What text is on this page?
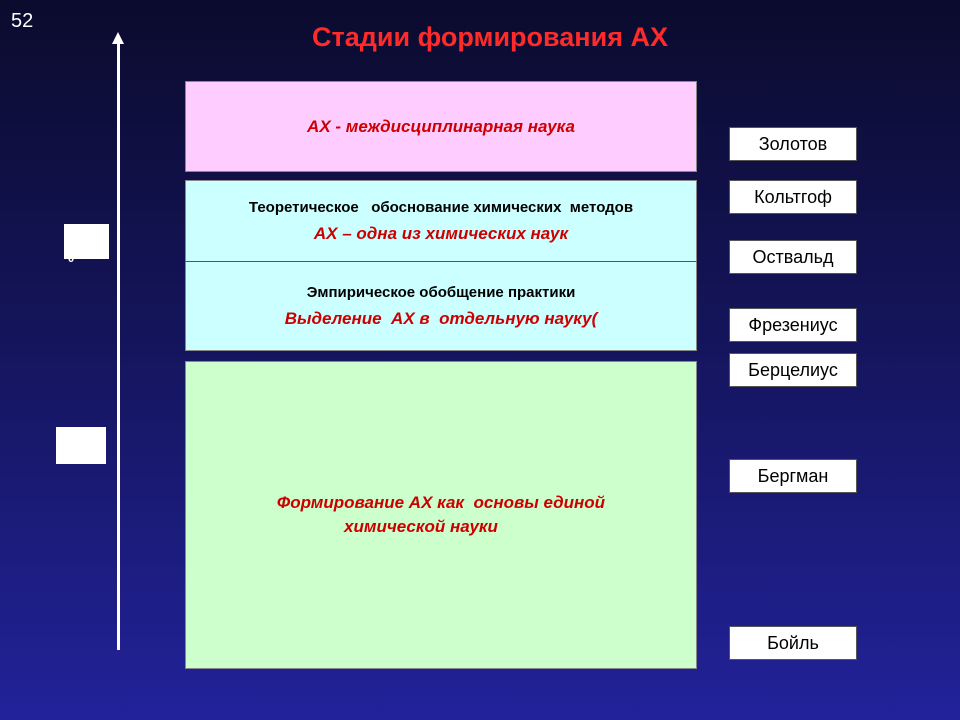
52
Стадии формирования АХ
0
АХ - междисциплинарная наука
Теоретическое   обоснование химических  методов
АХ – одна из химических наук
Эмпирическое обобщение практики
Выделение  АХ в  отдельную науку(
Формирование АХ как  основы единой
химической науки
Золотов
Кольтгоф
Оствальд
Фрезениус
Берцелиус
Бергман
Бойль
